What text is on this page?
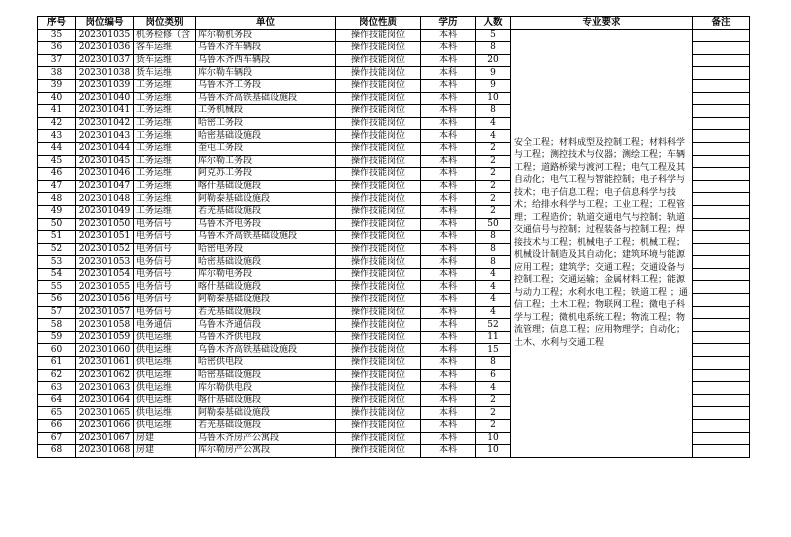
序号	岗位编号	岗位类别	单位	岗位性质	学历	人数	专业要求	备注
35	202301035	机务检修（含	库尔勒机务段	操作技能岗位	本科	5	安全工程；材料成型及控制工程；材料科学与工程；测控技术与仪器；测绘工程；车辆工程；道路桥梁与渡河工程；电气工程及其自动化；电气工程与智能控制；电子科学与技术；电子信息工程；电子信息科学与技术；给排水科学与工程；工业工程；工程管理；工程造价；轨道交通电气与控制；轨道交通信号与控制；过程装备与控制工程；焊接技术与工程；机械电子工程；机械工程；机械设计制造及其自动化；建筑环境与能源应用工程；建筑学；交通工程；交通设备与控制工程；交通运输；金属材料工程；能源与动力工程；水利水电工程；铁道工程 ；通信工程；土木工程；物联网工程；微电子科学与工程；微机电系统工程；物流工程；物流管理；信息工程；应用物理学；自动化；土木、水利与交通工程	
36	202301036	客车运维	乌鲁木齐车辆段	操作技能岗位	本科	8		
37	202301037	货车运维	乌鲁木齐西车辆段	操作技能岗位	本科	20		
38	202301038	货车运维	库尔勒车辆段	操作技能岗位	本科	9		
39	202301039	工务运维	乌鲁木齐工务段	操作技能岗位	本科	9		
40	202301040	工务运维	乌鲁木齐高铁基础设施段	操作技能岗位	本科	10		
41	202301041	工务运维	工务机械段	操作技能岗位	本科	8		
42	202301042	工务运维	哈密工务段	操作技能岗位	本科	4		
43	202301043	工务运维	哈密基础设施段	操作技能岗位	本科	4		
44	202301044	工务运维	奎屯工务段	操作技能岗位	本科	2		
45	202301045	工务运维	库尔勒工务段	操作技能岗位	本科	2		
46	202301046	工务运维	阿克苏工务段	操作技能岗位	本科	2		
47	202301047	工务运维	喀什基础设施段	操作技能岗位	本科	2		
48	202301048	工务运维	阿勒泰基础设施段	操作技能岗位	本科	2		
49	202301049	工务运维	若羌基础设施段	操作技能岗位	本科	2		
50	202301050	电务信号	乌鲁木齐电务段	操作技能岗位	本科	50		
51	202301051	电务信号	乌鲁木齐高铁基础设施段	操作技能岗位	本科	8		
52	202301052	电务信号	哈密电务段	操作技能岗位	本科	8		
53	202301053	电务信号	哈密基础设施段	操作技能岗位	本科	8		
54	202301054	电务信号	库尔勒电务段	操作技能岗位	本科	4		
55	202301055	电务信号	喀什基础设施段	操作技能岗位	本科	4		
56	202301056	电务信号	阿勒泰基础设施段	操作技能岗位	本科	4		
57	202301057	电务信号	若羌基础设施段	操作技能岗位	本科	4		
58	202301058	电务通信	乌鲁木齐通信段	操作技能岗位	本科	52		
59	202301059	供电运维	乌鲁木齐供电段	操作技能岗位	本科	11		
60	202301060	供电运维	乌鲁木齐高铁基础设施段	操作技能岗位	本科	15		
61	202301061	供电运维	哈密供电段	操作技能岗位	本科	8		
62	202301062	供电运维	哈密基础设施段	操作技能岗位	本科	6		
63	202301063	供电运维	库尔勒供电段	操作技能岗位	本科	4		
64	202301064	供电运维	喀什基础设施段	操作技能岗位	本科	2		
65	202301065	供电运维	阿勒泰基础设施段	操作技能岗位	本科	2		
66	202301066	供电运维	若羌基础设施段	操作技能岗位	本科	2		
67	202301067	房建	乌鲁木齐房产公寓段	操作技能岗位	本科	10		
68	202301068	房建	库尔勒房产公寓段	操作技能岗位	本科	10		
